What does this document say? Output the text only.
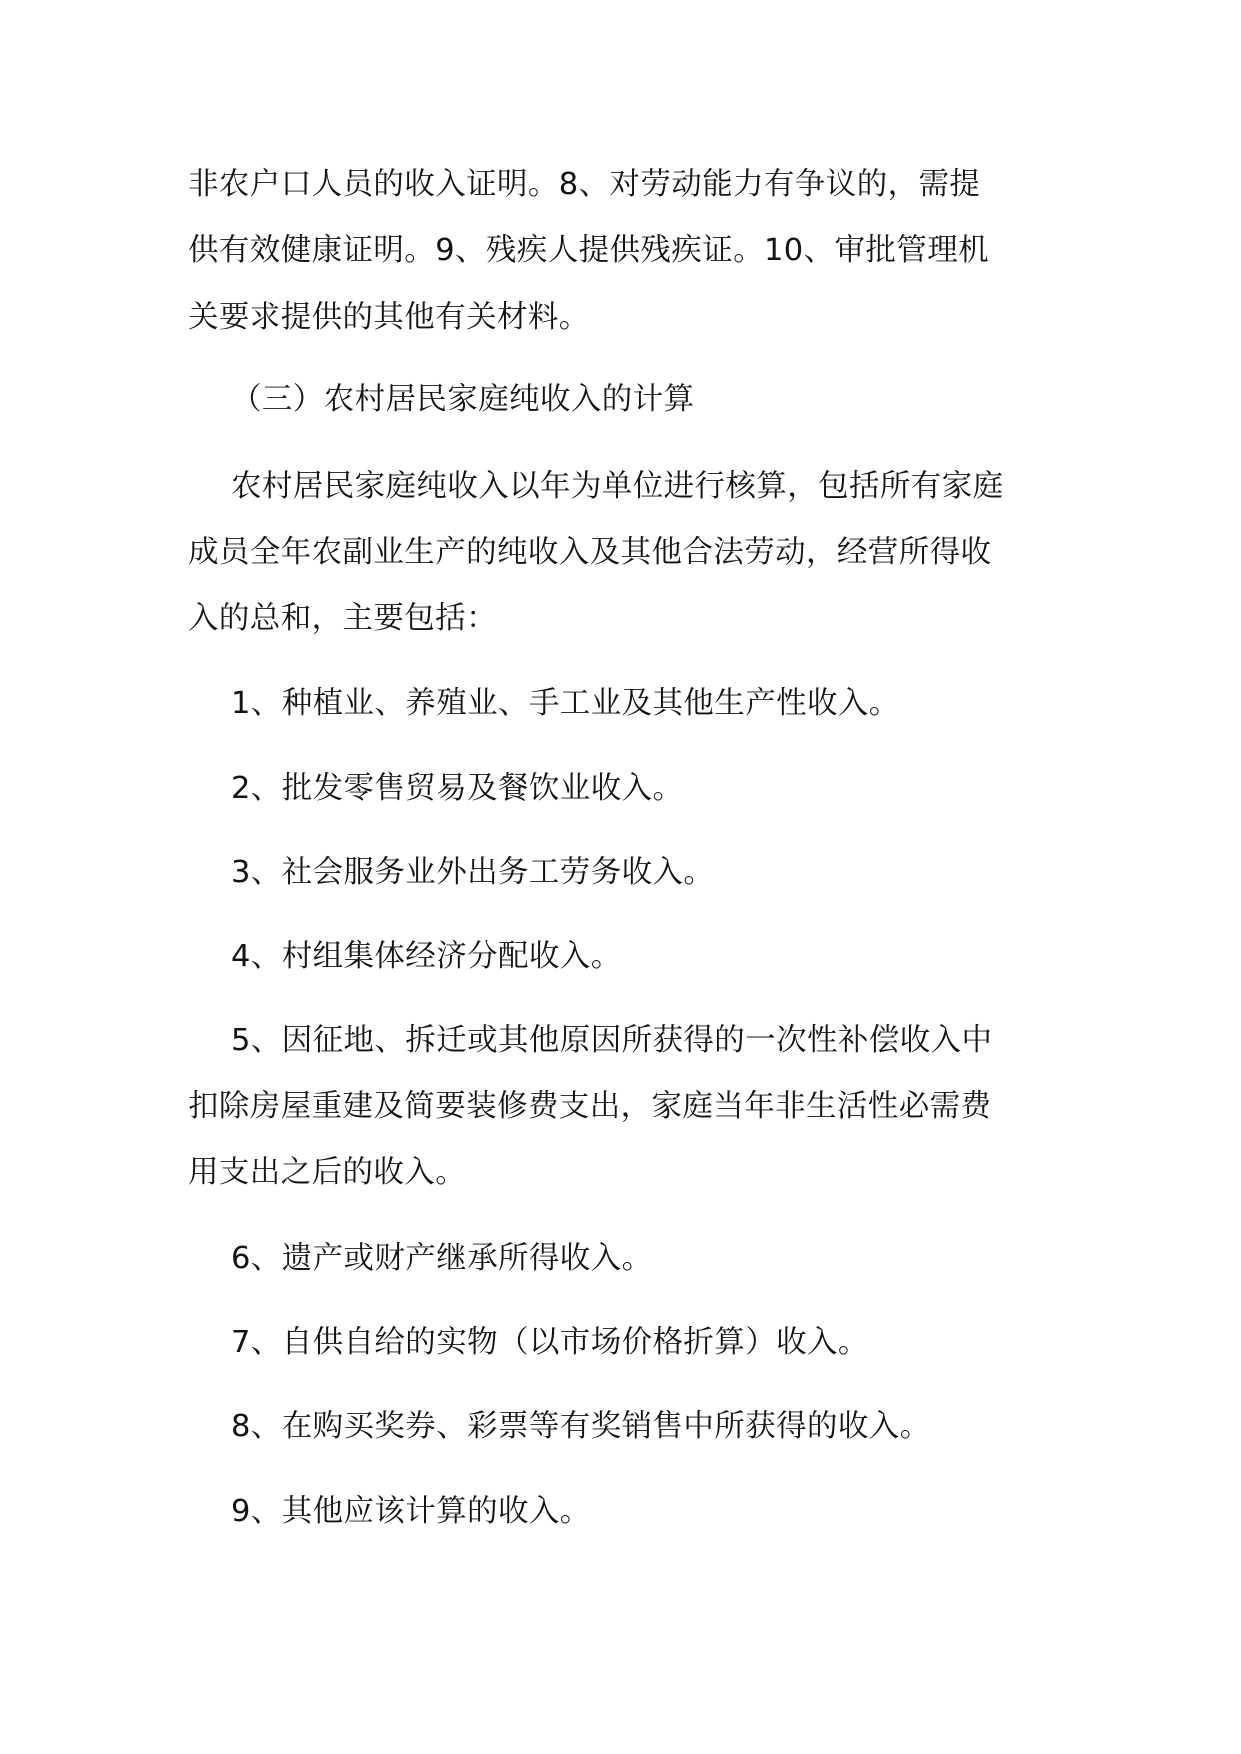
非农户口人员的收入证明。8、对劳动能力有争议的，需提
供有效健康证明。9、残疾人提供残疾证。10、审批管理机
关要求提供的其他有关材料。
（三）农村居民家庭纯收入的计算
农村居民家庭纯收入以年为单位进行核算，包括所有家庭
成员全年农副业生产的纯收入及其他合法劳动，经营所得收
入的总和，主要包括：
1、种植业、养殖业、手工业及其他生产性收入。
2、批发零售贸易及餐饮业收入。
3、社会服务业外出务工劳务收入。
4、村组集体经济分配收入。
5、因征地、拆迁或其他原因所获得的一次性补偿收入中
扣除房屋重建及简要装修费支出，家庭当年非生活性必需费
用支出之后的收入。
6、遗产或财产继承所得收入。
7、自供自给的实物（以市场价格折算）收入。
8、在购买奖券、彩票等有奖销售中所获得的收入。
9、其他应该计算的收入。
